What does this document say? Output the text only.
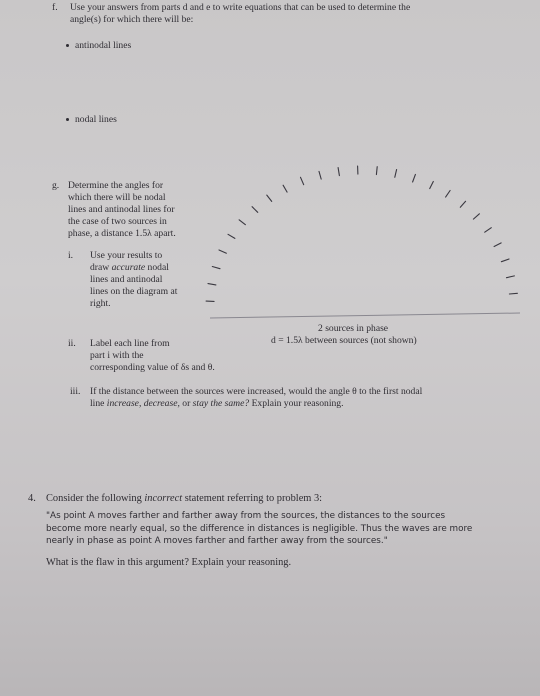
f. Use your answers from parts d and e to write equations that can be used to determine the
angle(s) for which there will be:
antinodal lines
nodal lines
g. Determine the angles for
which there will be nodal
lines and antinodal lines for
the case of two sources in
phase, a distance 1.5λ apart.
i. Use your results to
draw accurate nodal
lines and antinodal
lines on the diagram at
right.
2 sources in phase
d = 1.5λ between sources (not shown)
ii. Label each line from
part i with the
corresponding value of δs and θ.
iii. If the distance between the sources were increased, would the angle θ to the first nodal
line increase, decrease, or stay the same? Explain your reasoning.
4. Consider the following incorrect statement referring to problem 3:
"As point A moves farther and farther away from the sources, the distances to the sources
become more nearly equal, so the difference in distances is negligible. Thus the waves are more
nearly in phase as point A moves farther and farther away from the sources."
What is the flaw in this argument? Explain your reasoning.
